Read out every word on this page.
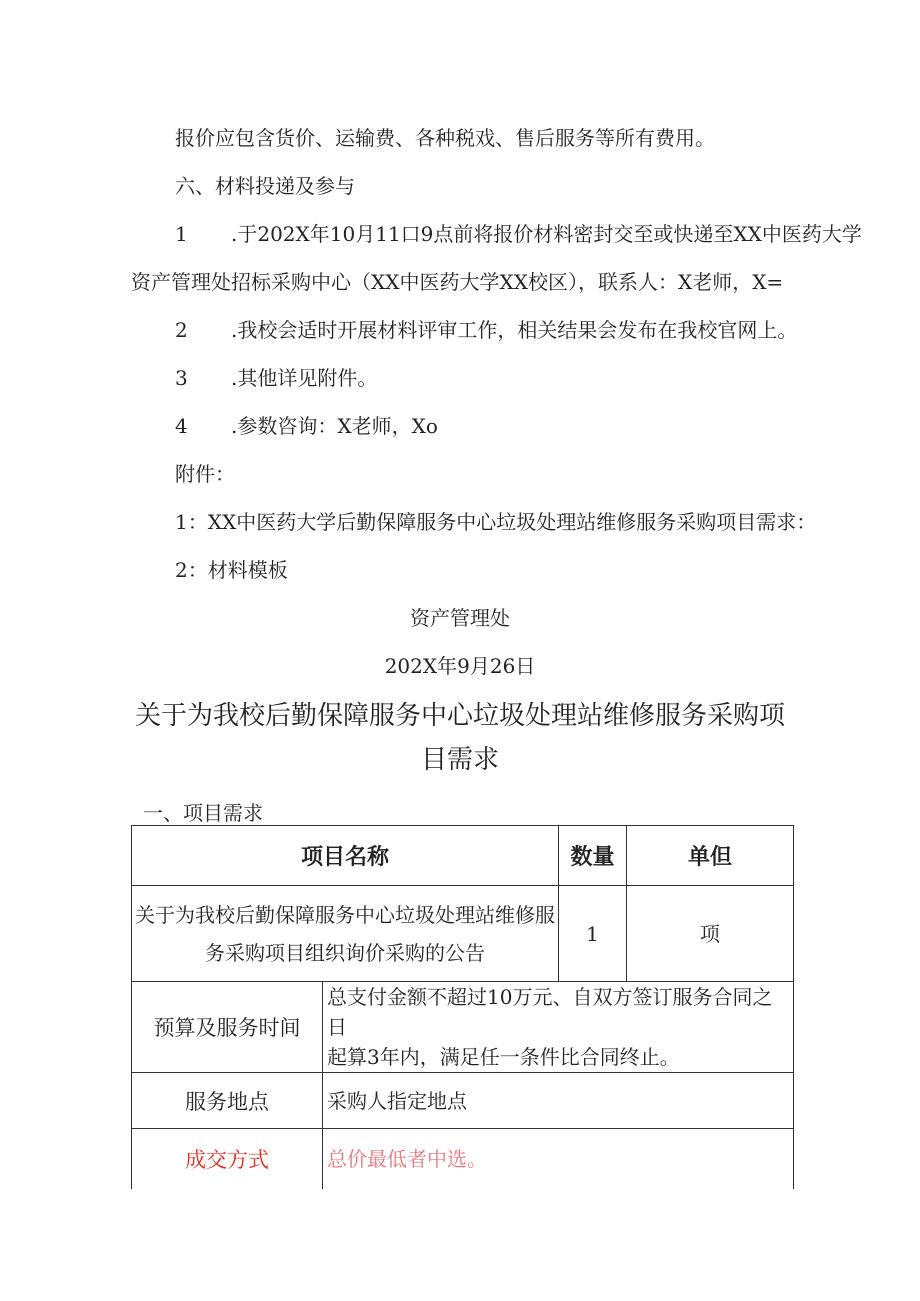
报价应包含货价、运输费、各种税戏、售后服务等所有费用。
六、材料投递及参与
1 .于202X年10月11口9点前将报价材料密封交至或快递至XX中医药大学
资产管理处招标采购中心（XX中医药大学XX校区），联系人：X老师，X=
2 .我校会适时开展材料评审工作，相关结果会发布在我校官网上。
3 .其他详见附件。
4 .参数咨询：X老师，Xo
附件：
1：XX中医药大学后勤保障服务中心垃圾处理站维修服务采购项目需求：
2：材料模板
资产管理处
202X年9月26日
关于为我校后勤保障服务中心垃圾处理站维修服务采购项
目需求
一、项目需求
项目名称		数量	单但

关于为我校后勤保障服务中心垃圾处理站维修服
务采购项目组织询价采购的公告		1	项
预算及服务时间	总支付金额不超过10万元、自双方签订服务合同之日
起算3年内，满足任一条件比合同终止。		

服务地点	采购人指定地点		
成交方式	总价最低者中选。		
